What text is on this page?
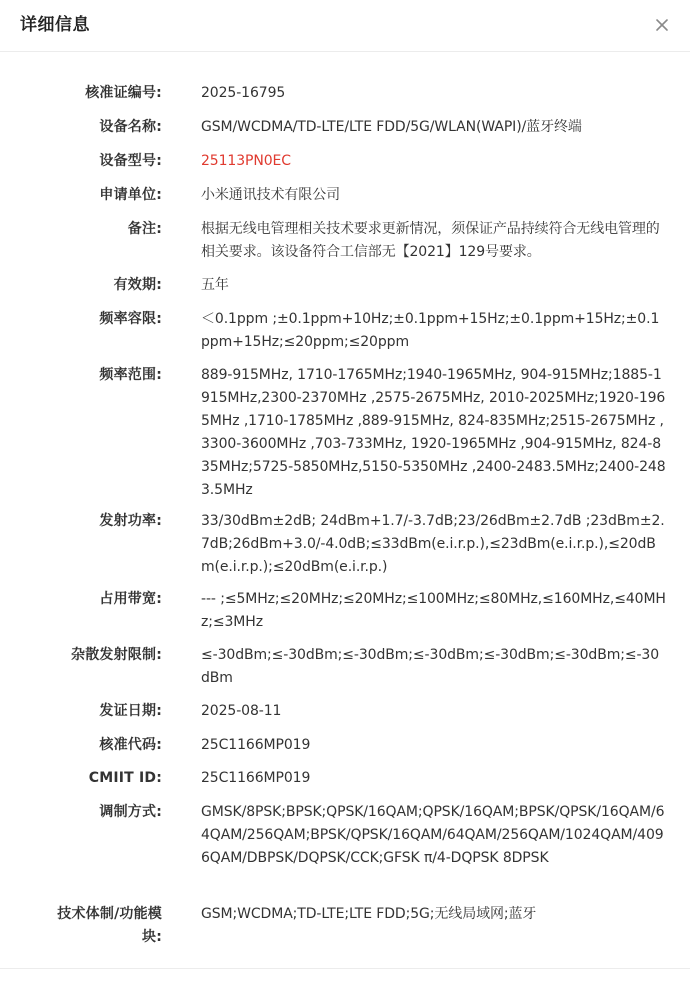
详细信息
核准证编号:	2025-16795
设备名称:	GSM/WCDMA/TD-LTE/LTE FDD/5G/WLAN(WAPI)/蓝牙终端
设备型号:	25113PN0EC
申请单位:	小米通讯技术有限公司
备注:	根据无线电管理相关技术要求更新情况，须保证产品持续符合无线电管理的相关要求。该设备符合工信部无【2021】129号要求。
有效期:	五年
频率容限:	＜0.1ppm ;±0.1ppm+10Hz;±0.1ppm+15Hz;±0.1ppm+15Hz;±0.1ppm+15Hz;≤20ppm;≤20ppm
频率范围:	889-915MHz, 1710-1765MHz;1940-1965MHz, 904-915MHz;1885-1915MHz,2300-2370MHz ,2575-2675MHz, 2010-2025MHz;1920-1965MHz ,1710-1785MHz ,889-915MHz, 824-835MHz;2515-2675MHz ,3300-3600MHz ,703-733MHz, 1920-1965MHz ,904-915MHz, 824-835MHz;5725-5850MHz,5150-5350MHz ,2400-2483.5MHz;2400-2483.5MHz
发射功率:	33/30dBm±2dB; 24dBm+1.7/-3.7dB;23/26dBm±2.7dB ;23dBm±2.7dB;26dBm+3.0/-4.0dB;≤33dBm(e.i.r.p.),≤23dBm(e.i.r.p.),≤20dBm(e.i.r.p.);≤20dBm(e.i.r.p.)
占用带宽:	--- ;≤5MHz;≤20MHz;≤20MHz;≤100MHz;≤80MHz,≤160MHz,≤40MHz;≤3MHz
杂散发射限制:	≤-30dBm;≤-30dBm;≤-30dBm;≤-30dBm;≤-30dBm;≤-30dBm;≤-30dBm
发证日期:	2025-08-11
核准代码:	25C1166MP019
CMIIT ID:	25C1166MP019
调制方式:	GMSK/8PSK;BPSK;QPSK/16QAM;QPSK/16QAM;BPSK/QPSK/16QAM/64QAM/256QAM;BPSK/QPSK/16QAM/64QAM/256QAM/1024QAM/4096QAM/DBPSK/DQPSK/CCK;GFSK π/4-DQPSK 8DPSK
技术体制/功能模块:
GSM;WCDMA;TD-LTE;LTE FDD;5G;无线局域网;蓝牙
